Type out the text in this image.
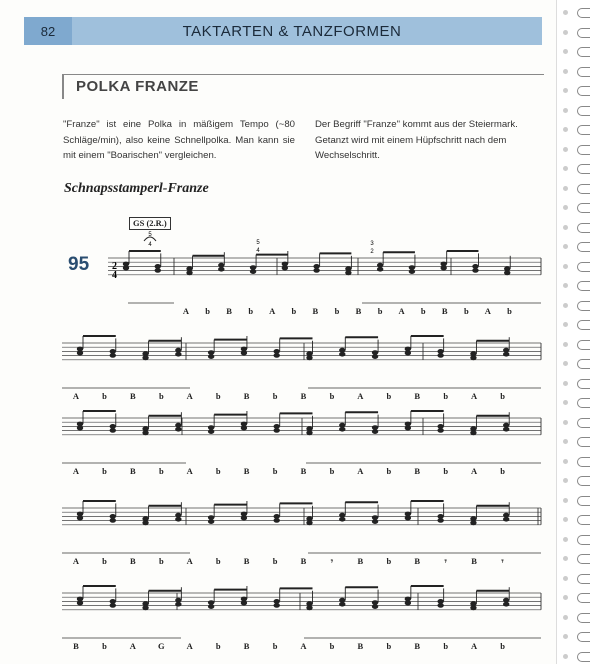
82	TAKTARTEN & TANZFORMEN
POLKA FRANZE
"Franze" ist eine Polka in mäßigem Tempo (~80 Schläge/min), also keine Schnellpolka. Man kann sie mit einem "Boarischen" vergleichen.
Der Begriff "Franze" kommt aus der Steiermark. Getanzt wird mit einem Hüpfschritt nach dem Wechselschritt.
Schnapsstamperl-Franze
GS (2.R.)
95 2
4
5
4	5
4
3
2
A b B b A b B b B b A b B b A b
A	b	B	b	A	b	B	b	B	b	A	b	B	b	A	b
A	b	B	b	A	b	B	b	B	b	A	b	B	b	A	b
A	b	B	b	A	b	B	b	B	𝄾	B	b	B	𝄾	B	𝄾
B	b	A	G	A	b	B	b	A	b	B	b	B	b	A	b
